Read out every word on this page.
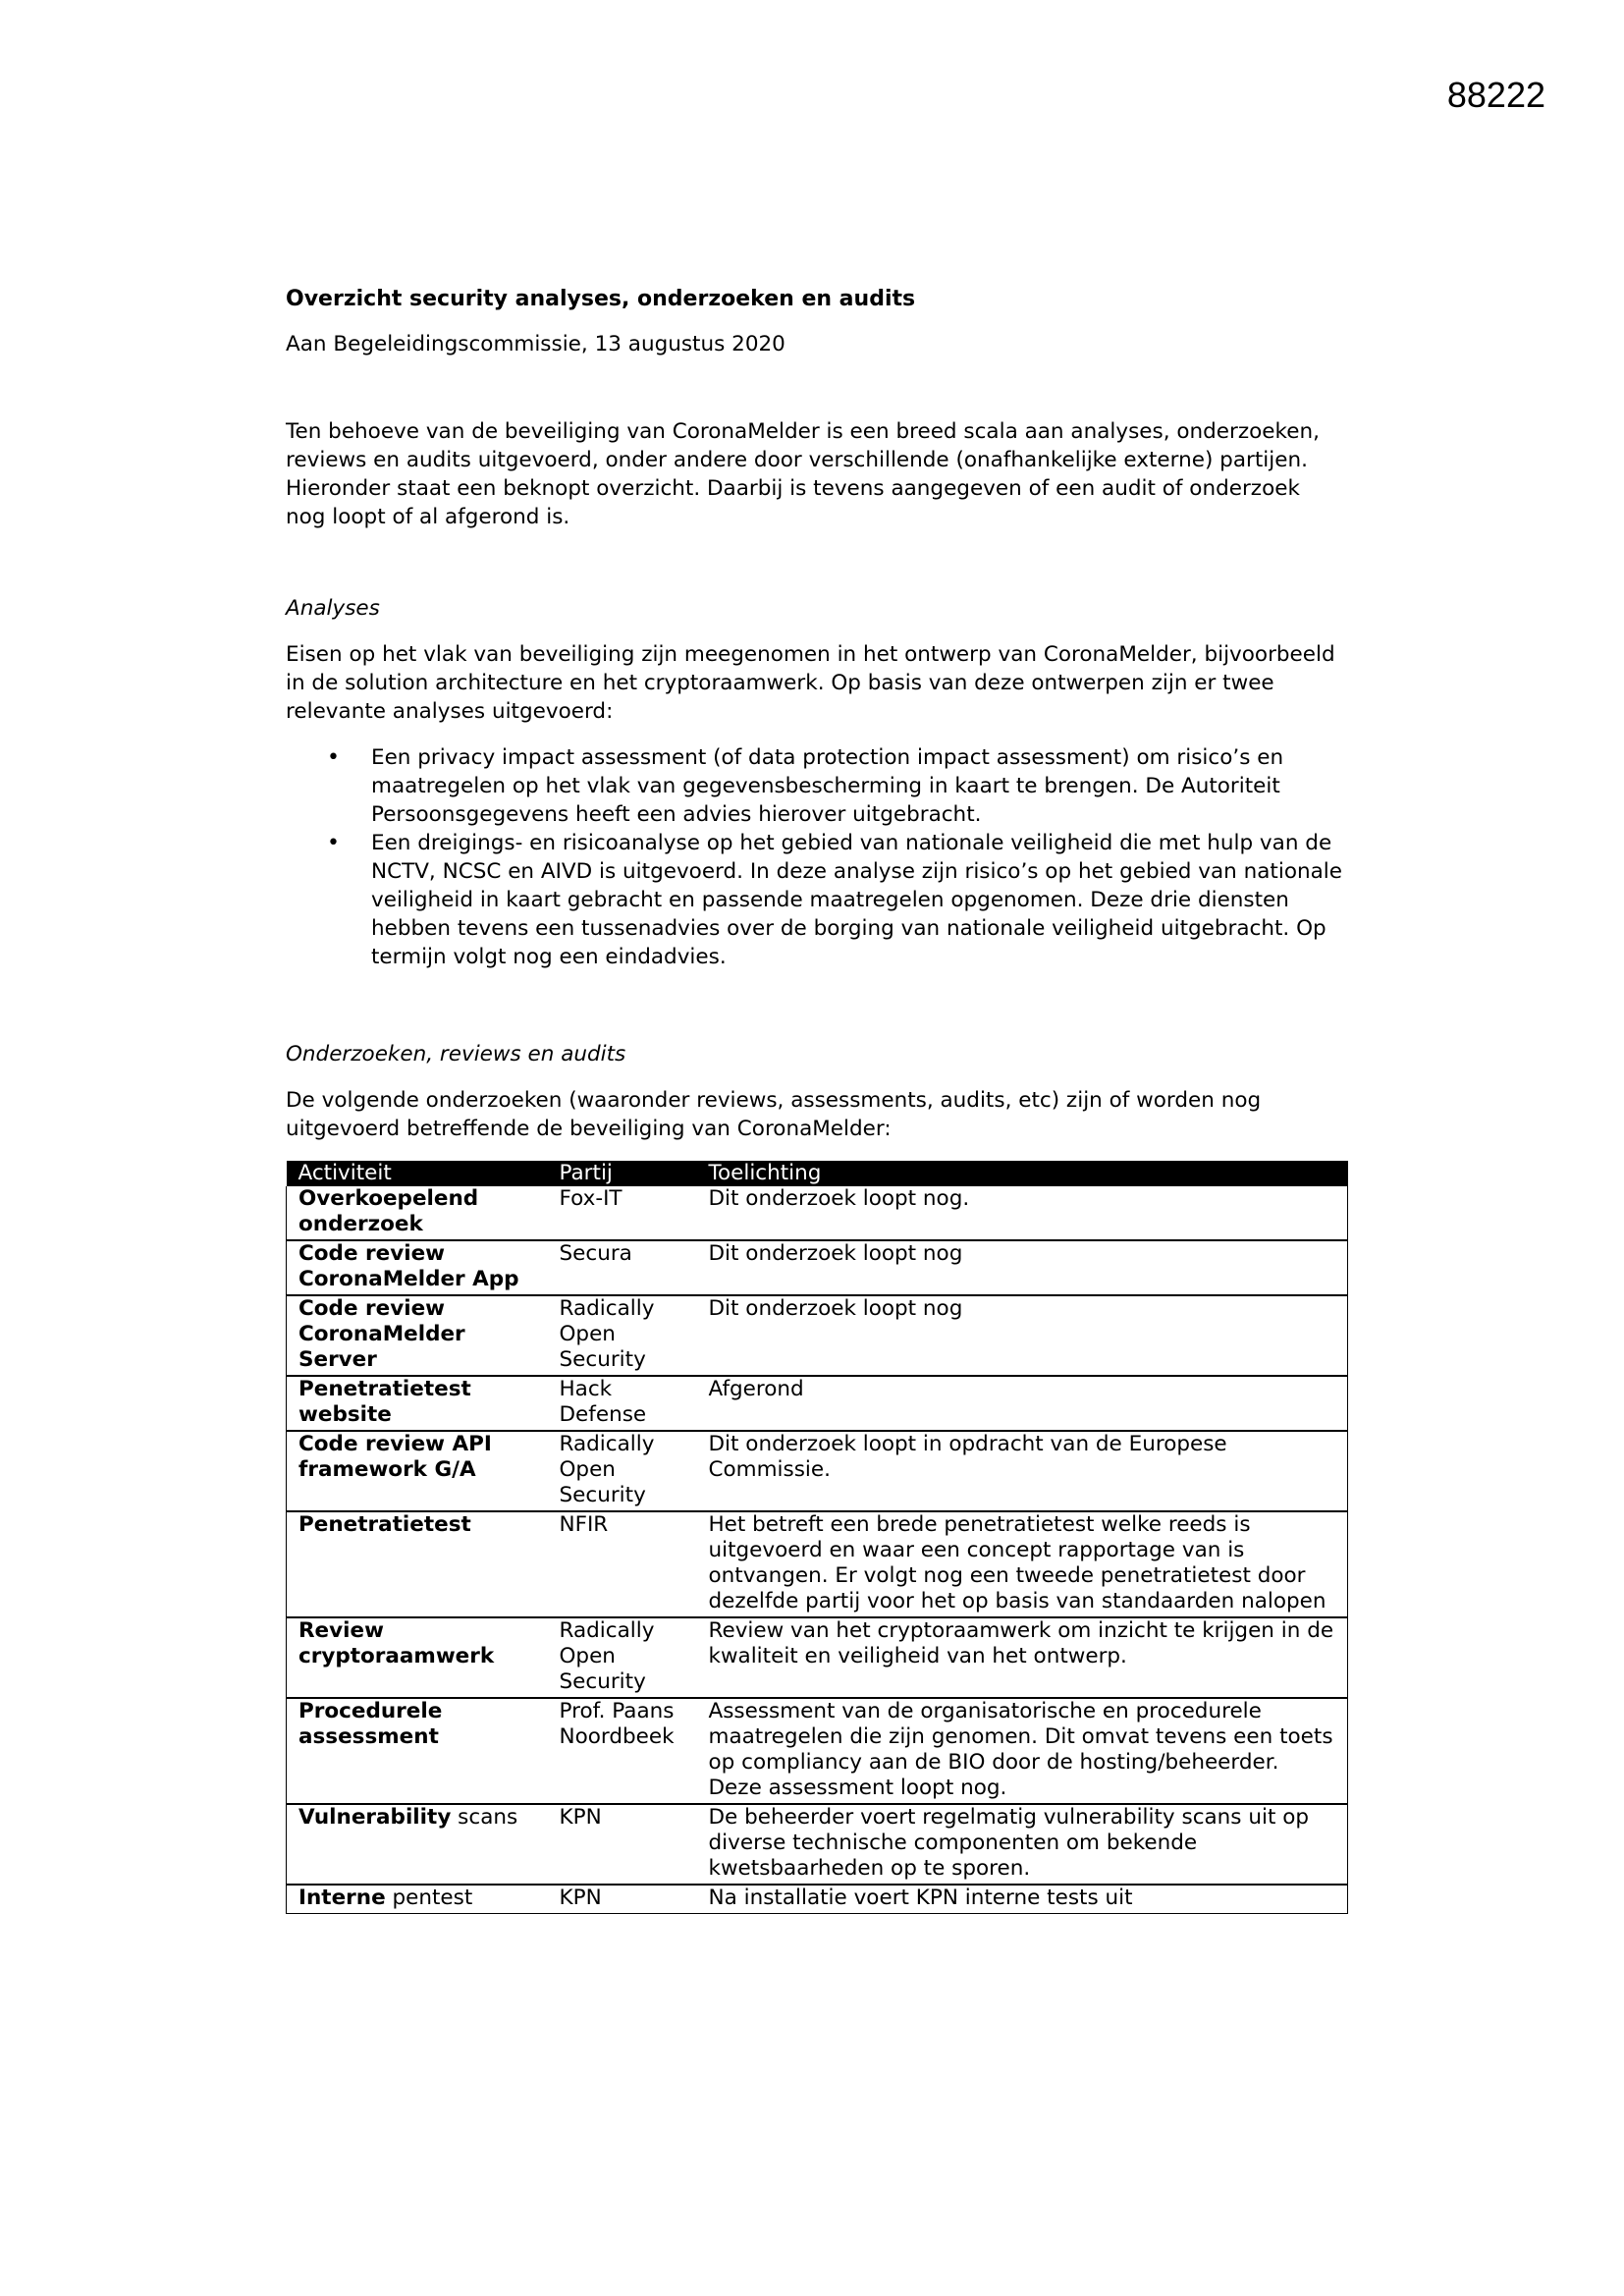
88222
Overzicht security analyses, onderzoeken en audits
Aan Begeleidingscommissie, 13 augustus 2020
Ten behoeve van de beveiliging van CoronaMelder is een breed scala aan analyses, onderzoeken, reviews en audits uitgevoerd, onder andere door verschillende (onafhankelijke externe) partijen. Hieronder staat een beknopt overzicht. Daarbij is tevens aangegeven of een audit of onderzoek nog loopt of al afgerond is.
Analyses
Eisen op het vlak van beveiliging zijn meegenomen in het ontwerp van CoronaMelder, bijvoorbeeld in de solution architecture en het cryptoraamwerk. Op basis van deze ontwerpen zijn er twee relevante analyses uitgevoerd:
• Een privacy impact assessment (of data protection impact assessment) om risico’s en maatregelen op het vlak van gegevensbescherming in kaart te brengen. De Autoriteit Persoonsgegevens heeft een advies hierover uitgebracht.
• Een dreigings- en risicoanalyse op het gebied van nationale veiligheid die met hulp van de NCTV, NCSC en AIVD is uitgevoerd. In deze analyse zijn risico’s op het gebied van nationale veiligheid in kaart gebracht en passende maatregelen opgenomen. Deze drie diensten hebben tevens een tussenadvies over de borging van nationale veiligheid uitgebracht. Op termijn volgt nog een eindadvies.
Onderzoeken, reviews en audits
De volgende onderzoeken (waaronder reviews, assessments, audits, etc) zijn of worden nog uitgevoerd betreffende de beveiliging van CoronaMelder:
Activiteit	Partij	Toelichting
Overkoepelend onderzoek	Fox-IT	Dit onderzoek loopt nog.
Code review CoronaMelder App	Secura	Dit onderzoek loopt nog
Code review CoronaMelder Server	Radically Open Security	Dit onderzoek loopt nog
Penetratietest website	Hack Defense	Afgerond
Code review API framework G/A	Radically Open Security	Dit onderzoek loopt in opdracht van de Europese Commissie.
Penetratietest	NFIR	Het betreft een brede penetratietest welke reeds is uitgevoerd en waar een concept rapportage van is ontvangen. Er volgt nog een tweede penetratietest door dezelfde partij voor het op basis van standaarden nalopen
Review cryptoraamwerk	Radically Open Security	Review van het cryptoraamwerk om inzicht te krijgen in de kwaliteit en veiligheid van het ontwerp.
Procedurele assessment	Prof. Paans Noordbeek	Assessment van de organisatorische en procedurele maatregelen die zijn genomen. Dit omvat tevens een toets op compliancy aan de BIO door de hosting/beheerder. Deze assessment loopt nog.
Vulnerability scans	KPN	De beheerder voert regelmatig vulnerability scans uit op diverse technische componenten om bekende kwetsbaarheden op te sporen.
Interne pentest	KPN	Na installatie voert KPN interne tests uit
